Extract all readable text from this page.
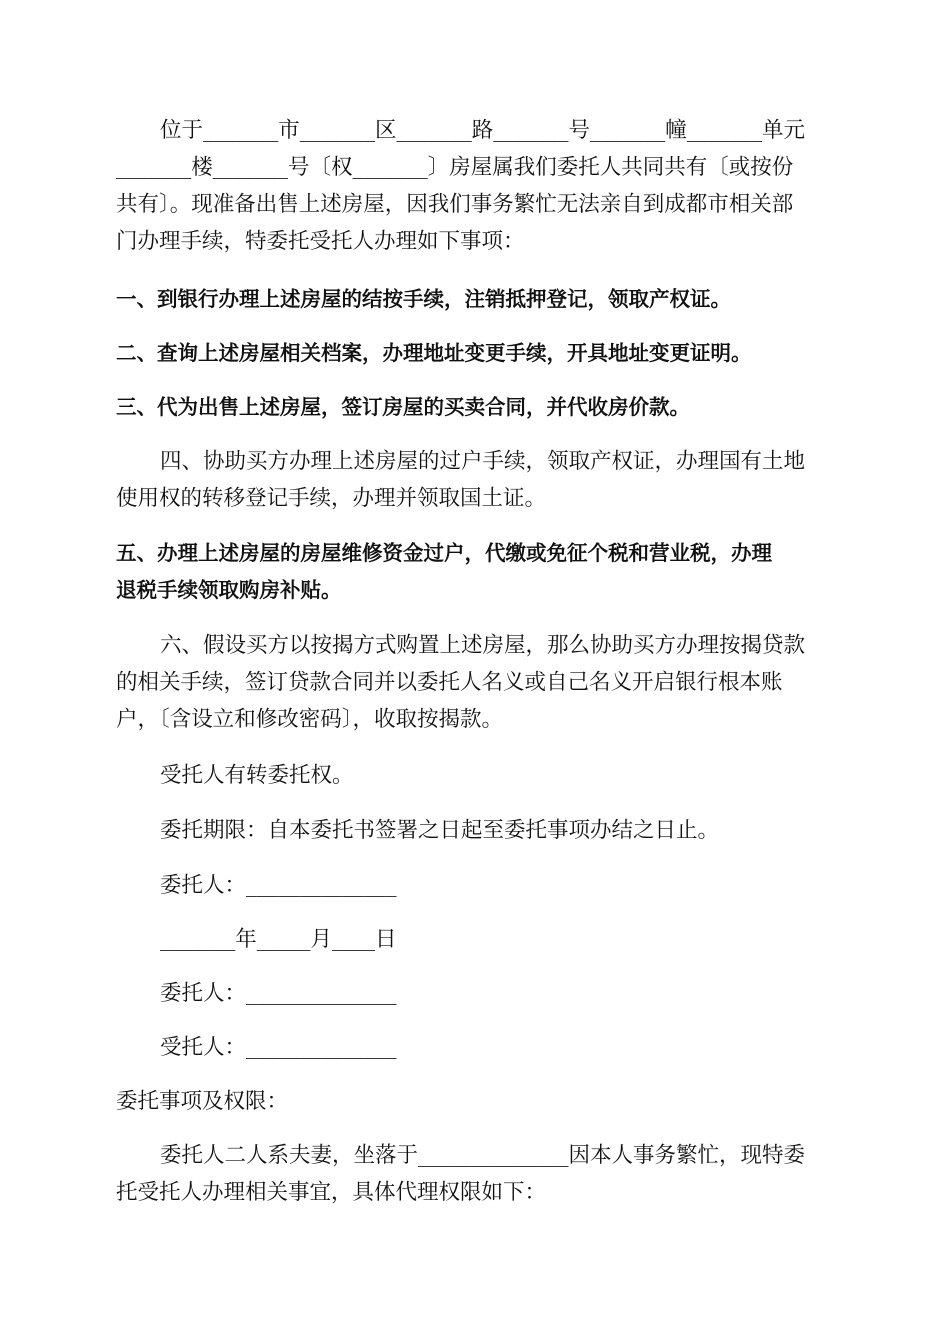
位于_______市_______区_______路_______号_______幢_______单元
_______楼_______号〔权_______〕房屋属我们委托人共同共有〔或按份
共有〕。现准备出售上述房屋，因我们事务繁忙无法亲自到成都市相关部
门办理手续，特委托受托人办理如下事项：

一、到银行办理上述房屋的结按手续，注销抵押登记，领取产权证。

二、查询上述房屋相关档案，办理地址变更手续，开具地址变更证明。

三、代为出售上述房屋，签订房屋的买卖合同，并代收房价款。

四、协助买方办理上述房屋的过户手续，领取产权证，办理国有土地
使用权的转移登记手续，办理并领取国土证。

五、办理上述房屋的房屋维修资金过户，代缴或免征个税和营业税，办理
退税手续领取购房补贴。

六、假设买方以按揭方式购置上述房屋，那么协助买方办理按揭贷款
的相关手续，签订贷款合同并以委托人名义或自己名义开启银行根本账
户，〔含设立和修改密码〕，收取按揭款。

受托人有转委托权。

委托期限：自本委托书签署之日起至委托事项办结之日止。

委托人：______________

_______年_____月____日

委托人：______________

受托人：______________

委托事项及权限：

委托人二人系夫妻，坐落于______________因本人事务繁忙，现特委
托受托人办理相关事宜，具体代理权限如下：
